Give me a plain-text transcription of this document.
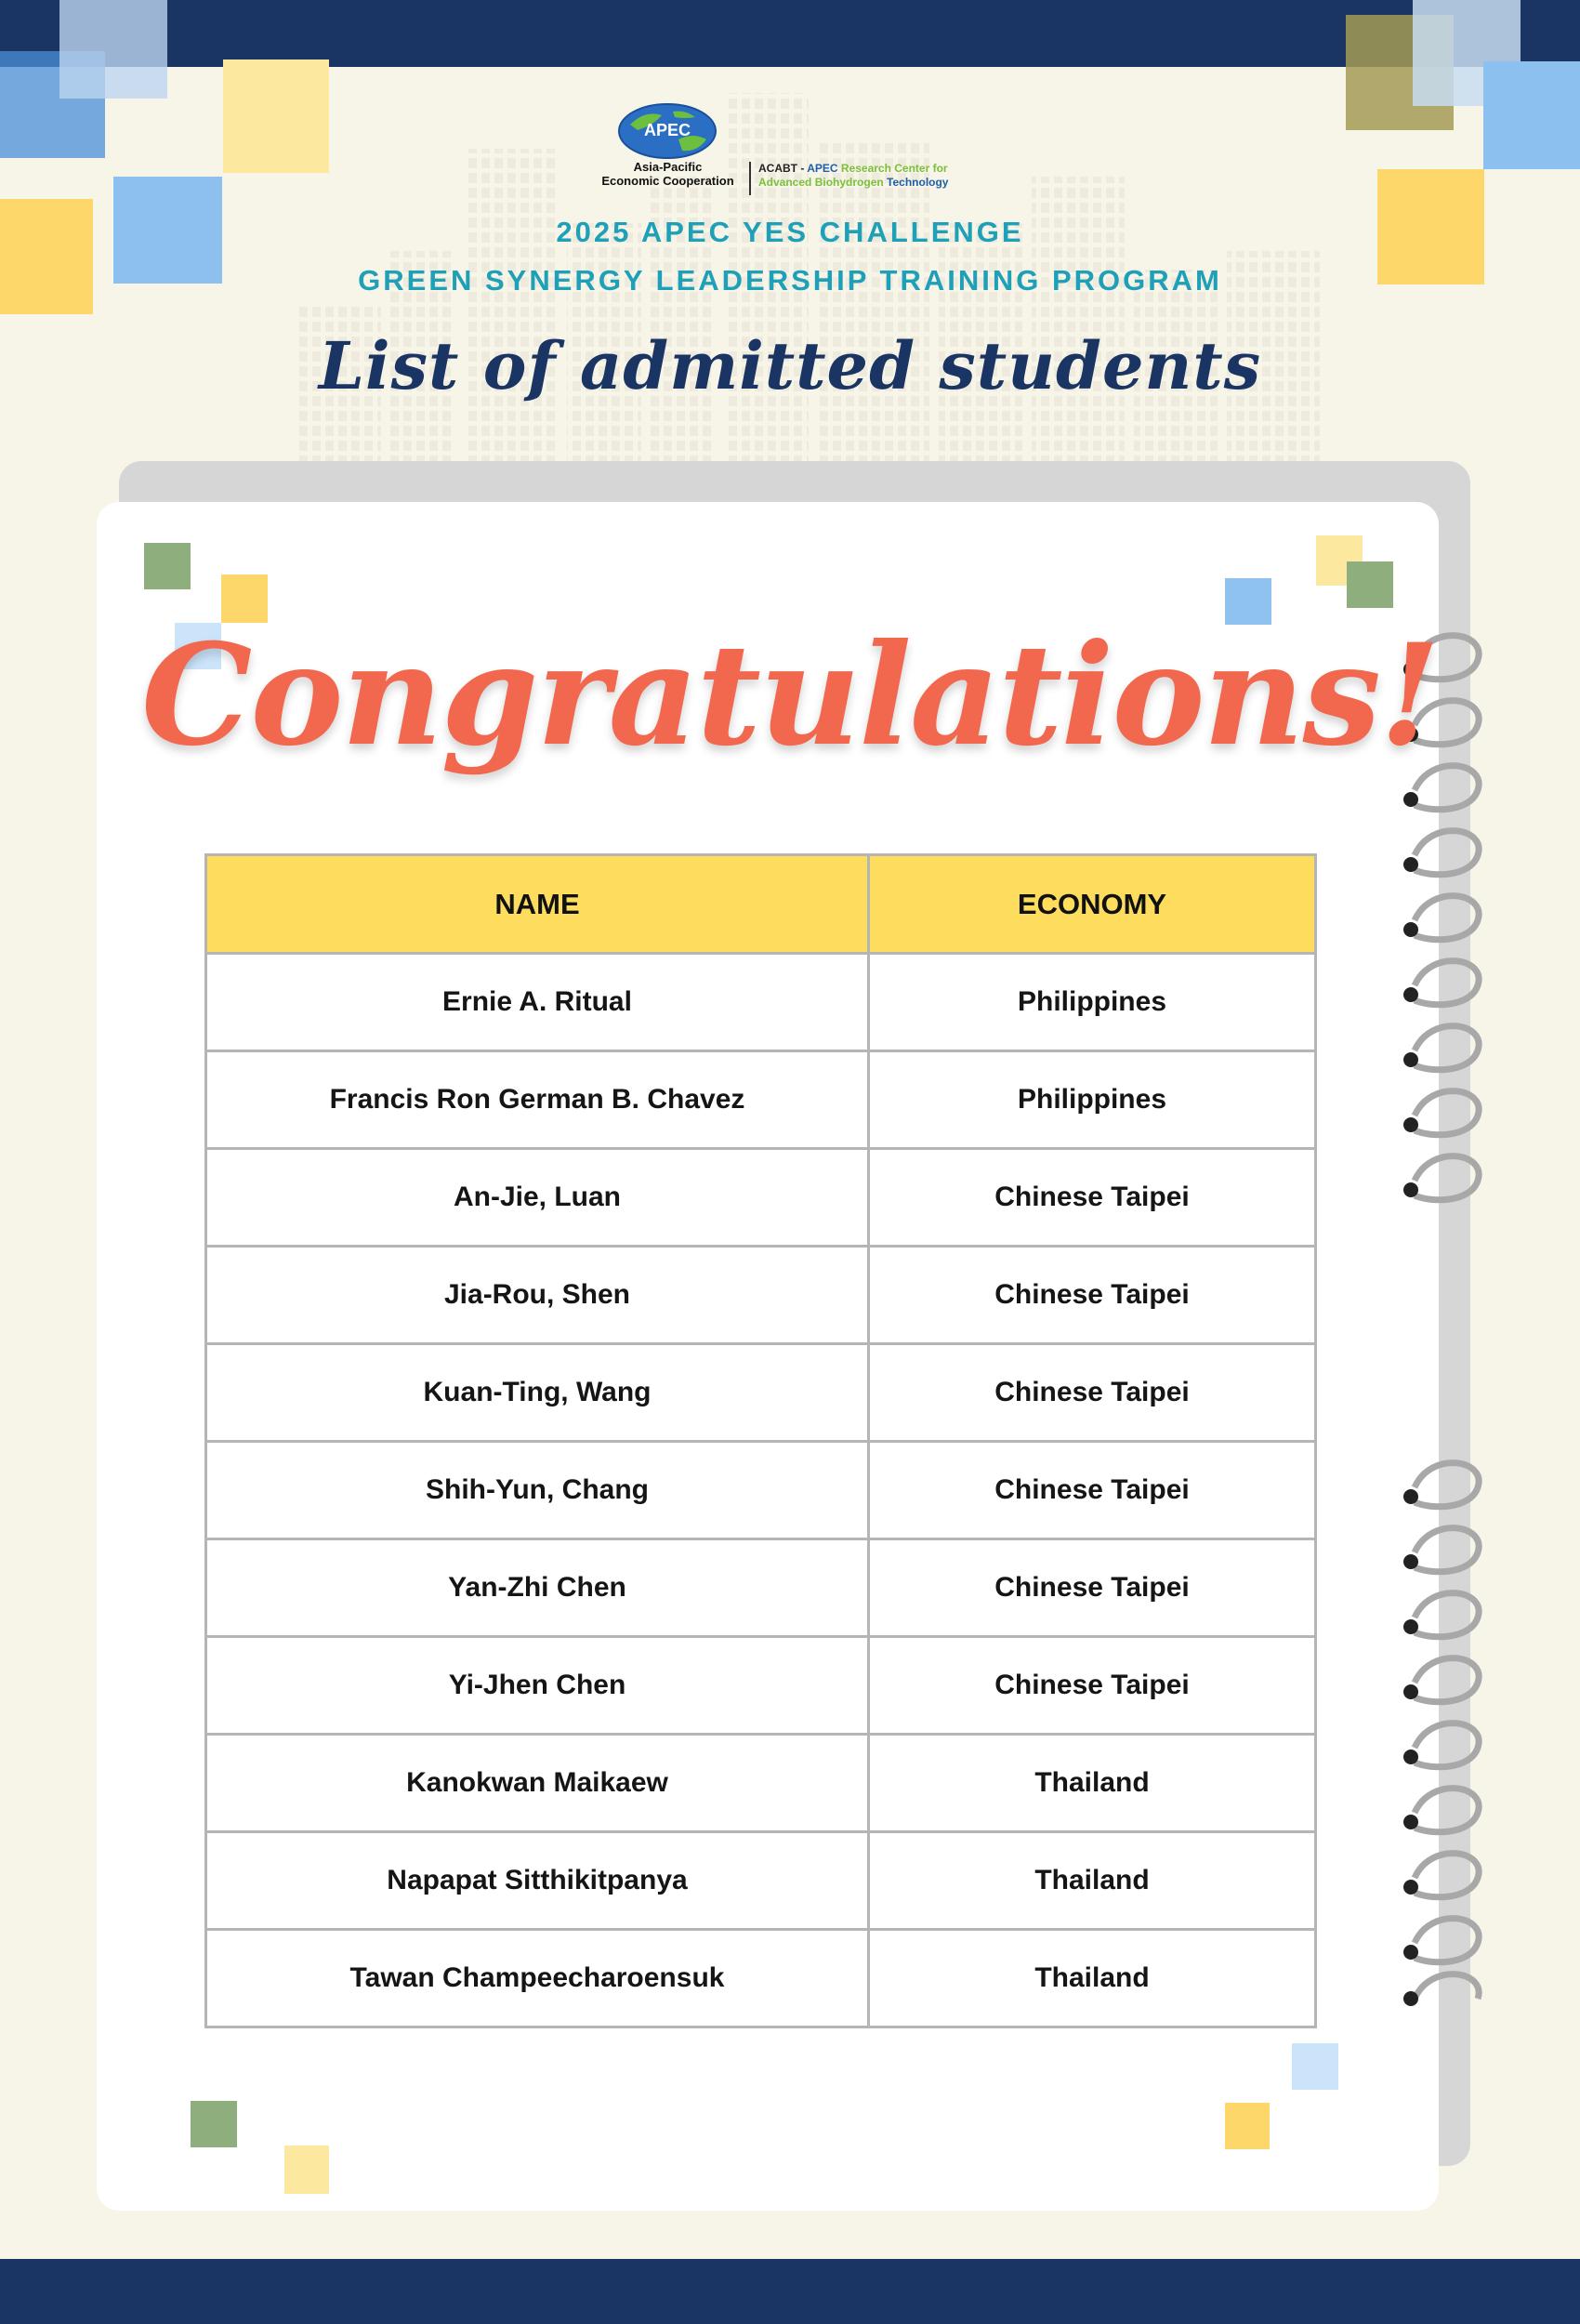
APEC
Asia-Pacific
Economic Cooperation
ACABT - APEC Research Center for
Advanced Biohydrogen Technology
2025 APEC YES CHALLENGE
GREEN SYNERGY LEADERSHIP TRAINING PROGRAM
List of admitted students
Congratulations!
NAME	ECONOMY
Ernie A. Ritual	Philippines
Francis Ron German B. Chavez	Philippines
An-Jie, Luan	Chinese Taipei
Jia-Rou, Shen	Chinese Taipei
Kuan-Ting, Wang	Chinese Taipei
Shih-Yun, Chang	Chinese Taipei
Yan-Zhi Chen	Chinese Taipei
Yi-Jhen Chen	Chinese Taipei
Kanokwan Maikaew	Thailand
Napapat Sitthikitpanya	Thailand
Tawan Champeecharoensuk	Thailand
